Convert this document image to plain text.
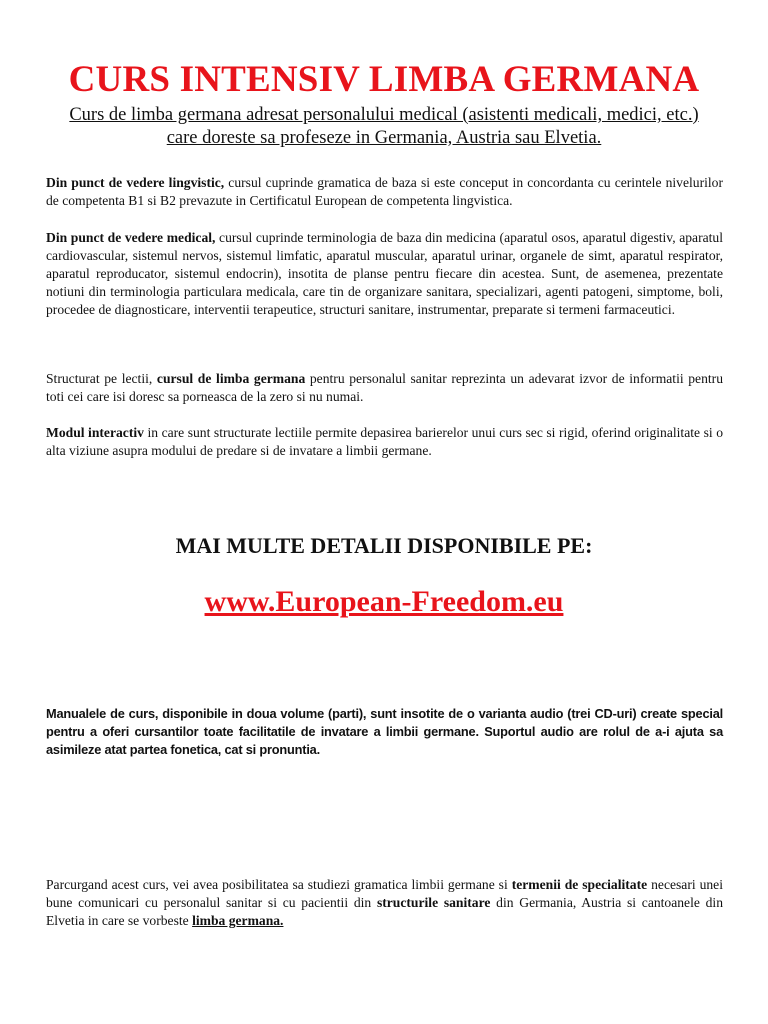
CURS INTENSIV LIMBA GERMANA
Curs de limba germana adresat personalului medical (asistenti medicali, medici, etc.)
care doreste sa profeseze in Germania, Austria sau Elvetia.
Din punct de vedere lingvistic, cursul cuprinde gramatica de baza si este conceput in concordanta cu cerintele nivelurilor de competenta B1 si B2 prevazute in Certificatul European de competenta lingvistica.
Din punct de vedere medical, cursul cuprinde terminologia de baza din medicina (aparatul osos, aparatul digestiv, aparatul cardiovascular, sistemul nervos, sistemul limfatic, aparatul muscular, aparatul urinar, organele de simt, aparatul respirator, aparatul reproducator, sistemul endocrin), insotita de planse pentru fiecare din acestea. Sunt, de asemenea, prezentate notiuni din terminologia particulara medicala, care tin de organizare sanitara, specializari, agenti patogeni, simptome, boli, procedee de diagnosticare, interventii terapeutice, structuri sanitare, instrumentar, preparate si termeni farmaceutici.
Structurat pe lectii, cursul de limba germana pentru personalul sanitar reprezinta un adevarat izvor de informatii pentru toti cei care isi doresc sa porneasca de la zero si nu numai.
Modul interactiv in care sunt structurate lectiile permite depasirea barierelor unui curs sec si rigid, oferind originalitate si o alta viziune asupra modului de predare si de invatare a limbii germane.
MAI MULTE DETALII DISPONIBILE PE:
www.European-Freedom.eu
Manualele de curs, disponibile in doua volume (parti), sunt insotite de o varianta audio (trei CD-uri) create special pentru a oferi cursantilor toate facilitatile de invatare a limbii germane. Suportul audio are rolul de a-i ajuta sa asimileze atat partea fonetica, cat si pronuntia.
Parcurgand acest curs, vei avea posibilitatea sa studiezi gramatica limbii germane si termenii de specialitate necesari unei bune comunicari cu personalul sanitar si cu pacientii din structurile sanitare din Germania, Austria si cantoanele din Elvetia in care se vorbeste limba germana.
